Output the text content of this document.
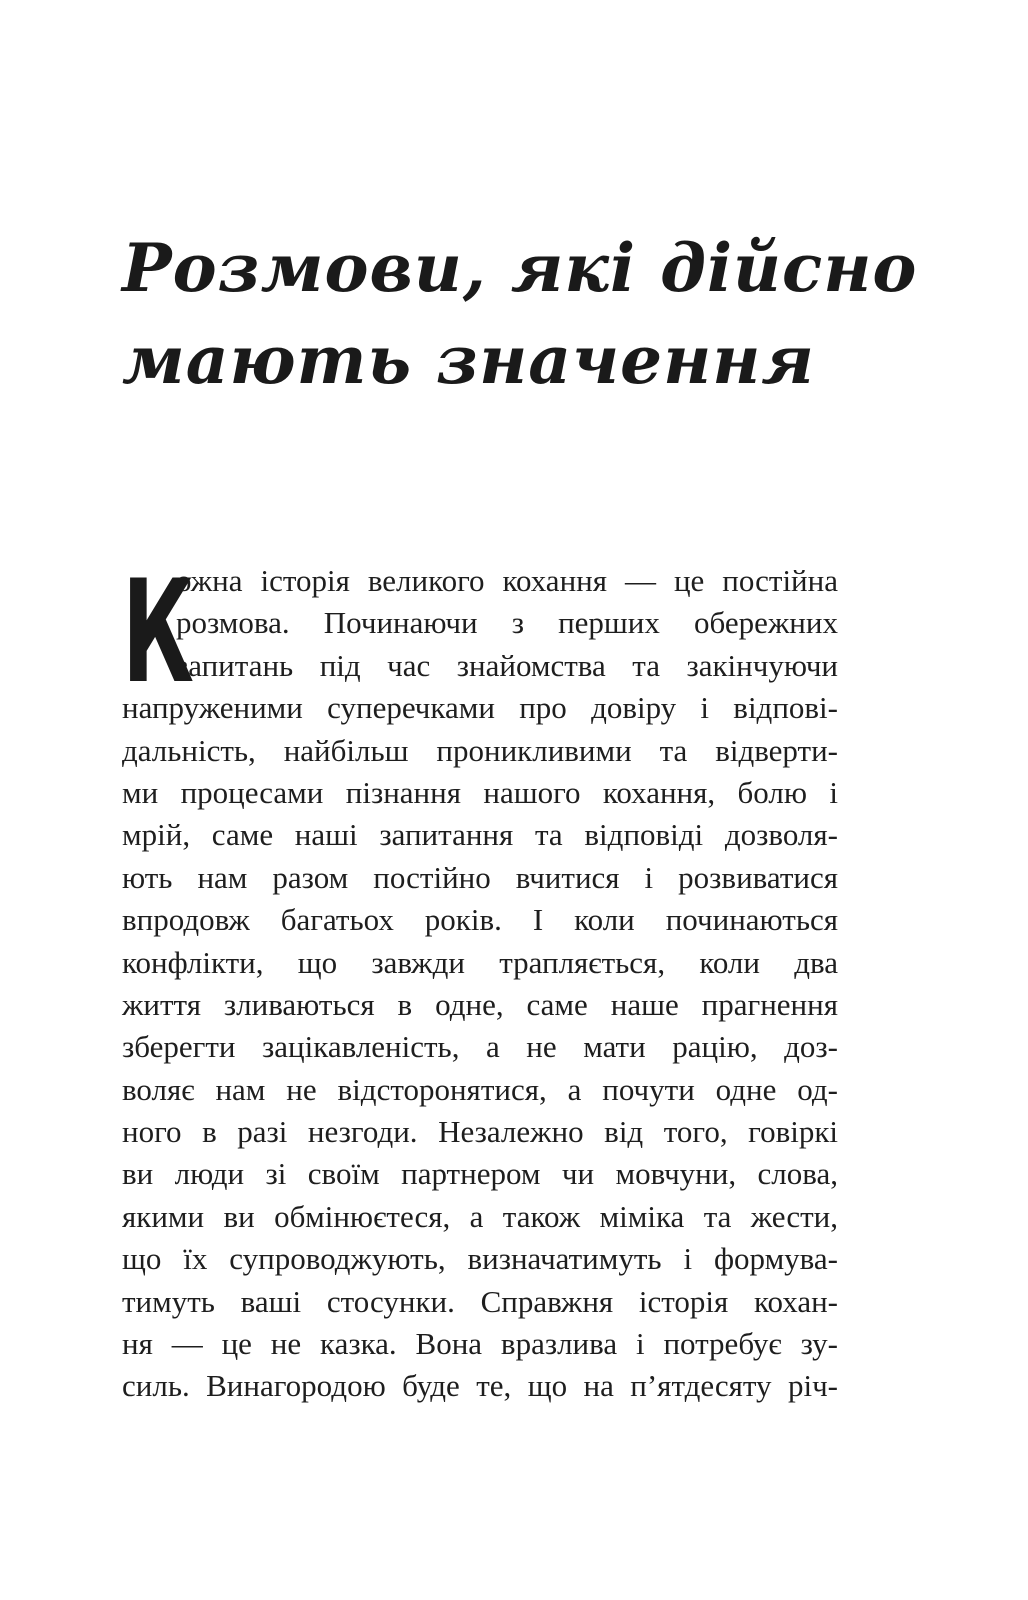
Розмови, які дійсно
мають значення
К
ожна історія великого кохання — це постійна
розмова. Починаючи з перших обережних
запитань під час знайомства та закінчуючи
напруженими суперечками про довіру і відпові-
дальність, найбільш проникливими та відверти-
ми процесами пізнання нашого кохання, болю і
мрій, саме наші запитання та відповіді дозволя-
ють нам разом постійно вчитися і розвиватися
впродовж багатьох років. І коли починаються
конфлікти, що завжди трапляється, коли два
життя зливаються в одне, саме наше прагнення
зберегти зацікавленість, а не мати рацію, доз-
воляє нам не відсторонятися, а почути одне од-
ного в разі незгоди. Незалежно від того, говіркі
ви люди зі своїм партнером чи мовчуни, слова,
якими ви обмінюєтеся, а також міміка та жести,
що їх супроводжують, визначатимуть і формува-
тимуть ваші стосунки. Справжня історія кохан-
ня — це не казка. Вона вразлива і потребує зу-
силь. Винагородою буде те, що на п’ятдесяту річ-
